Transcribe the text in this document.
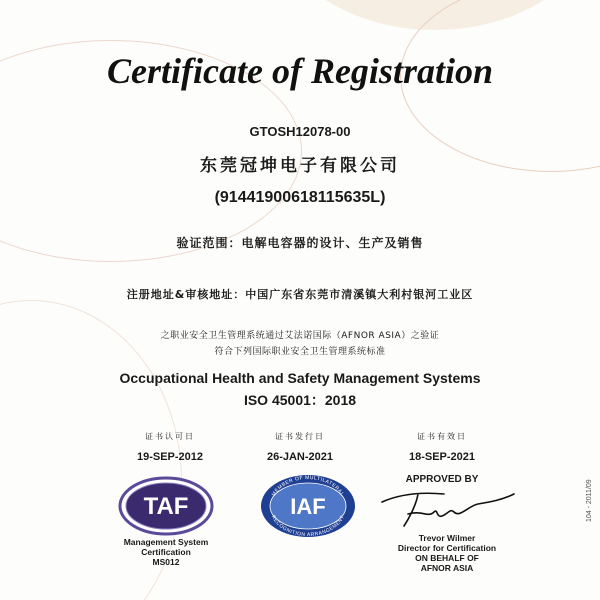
Certificate of Registration
GTOSH12078-00
东莞冠坤电子有限公司
(91441900618115635L)
验证范围：电解电容器的设计、生产及销售
注册地址&审核地址：中国广东省东莞市清溪镇大利村银河工业区
之职业安全卫生管理系统通过艾法诺国际（AFNOR ASIA）之验证
符合下列国际职业安全卫生管理系统标准
Occupational Health and Safety Management Systems
ISO 45001：2018
证书认可日	证书发行日	证书有效日
19-SEP-2012	26-JAN-2021	18-SEP-2021
APPROVED BY
TAF	MEMBER OF MULTILATERAL
RECOGNITION ARRANGEMENT
IAF
Management System
Certification
MS012
Trevor Wilmer
Director for Certification
ON BEHALF OF
AFNOR ASIA
104 - 2011/09
